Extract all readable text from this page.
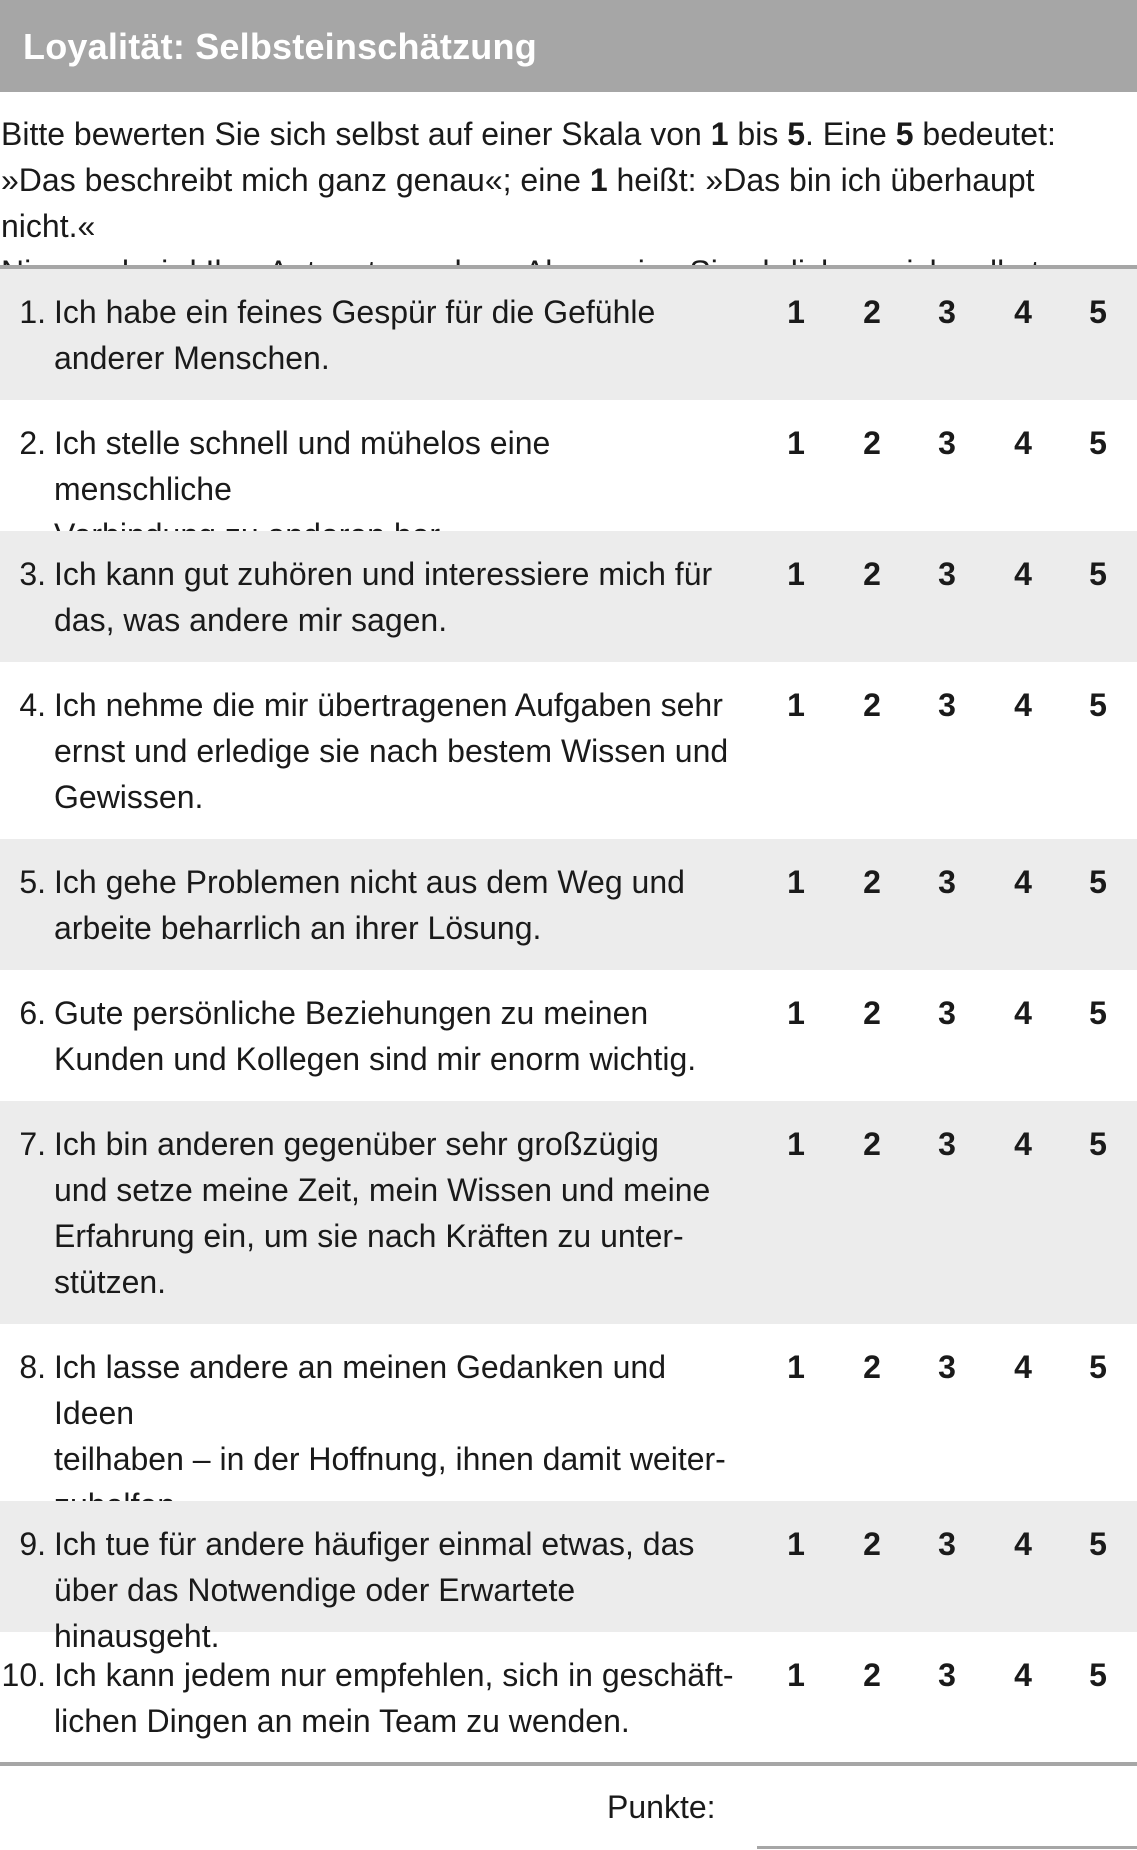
Loyalität: Selbsteinschätzung
Bitte bewerten Sie sich selbst auf einer Skala von 1 bis 5. Eine 5 bedeutet:
»Das beschreibt mich ganz genau«; eine 1 heißt: »Das bin ich überhaupt nicht.«
1. Ich habe ein feines Gespür für die Gefühle
anderer Menschen.
1	2	3	4	5
2. Ich stelle schnell und mühelos eine menschliche
1	2	3	4	5
3. Ich kann gut zuhören und interessiere mich für
das, was andere mir sagen.
1	2	3	4	5
4. Ich nehme die mir übertragenen Aufgaben sehr
ernst und erledige sie nach bestem Wissen und
Gewissen.
1	2	3	4	5
5. Ich gehe Problemen nicht aus dem Weg und
arbeite beharrlich an ihrer Lösung.
1	2	3	4	5
6. Gute persönliche Beziehungen zu meinen
Kunden und Kollegen sind mir enorm wichtig.
1	2	3	4	5
7. Ich bin anderen gegenüber sehr großzügig
und setze meine Zeit, mein Wissen und meine
Erfahrung ein, um sie nach Kräften zu unter-
stützen.
1	2	3	4	5
8. Ich lasse andere an meinen Gedanken und Ideen
teilhaben – in der Hoffnung, ihnen damit weiter-
1	2	3	4	5
9. Ich tue für andere häufiger einmal etwas, das
über das Notwendige oder Erwartete hinausgeht.
1	2	3	4	5
10. Ich kann jedem nur empfehlen, sich in geschäft-
lichen Dingen an mein Team zu wenden.
1	2	3	4	5
Punkte:
